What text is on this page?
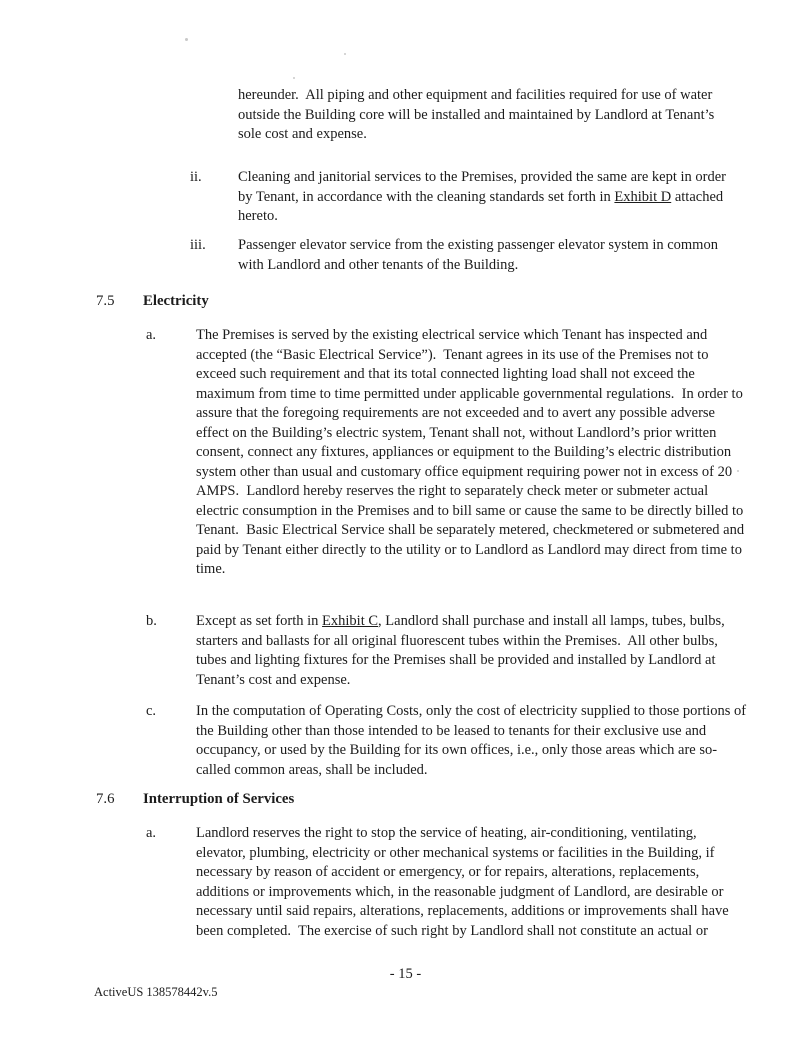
hereunder.  All piping and other equipment and facilities required for use of water outside the Building core will be installed and maintained by Landlord at Tenant’s sole cost and expense.
ii.	Cleaning and janitorial services to the Premises, provided the same are kept in order by Tenant, in accordance with the cleaning standards set forth in Exhibit D attached hereto.
iii.	Passenger elevator service from the existing passenger elevator system in common with Landlord and other tenants of the Building.
7.5 Electricity
a.	The Premises is served by the existing electrical service which Tenant has inspected and accepted (the “Basic Electrical Service”).  Tenant agrees in its use of the Premises not to exceed such requirement and that its total connected lighting load shall not exceed the maximum from time to time permitted under applicable governmental regulations.  In order to assure that the foregoing requirements are not exceeded and to avert any possible adverse effect on the Building’s electric system, Tenant shall not, without Landlord’s prior written consent, connect any fixtures, appliances or equipment to the Building’s electric distribution system other than usual and customary office equipment requiring power not in excess of 20 AMPS.  Landlord hereby reserves the right to separately check meter or submeter actual electric consumption in the Premises and to bill same or cause the same to be directly billed to Tenant.  Basic Electrical Service shall be separately metered, checkmetered or submetered and paid by Tenant either directly to the utility or to Landlord as Landlord may direct from time to time.
b.	Except as set forth in Exhibit C, Landlord shall purchase and install all lamps, tubes, bulbs, starters and ballasts for all original fluorescent tubes within the Premises.  All other bulbs, tubes and lighting fixtures for the Premises shall be provided and installed by Landlord at Tenant’s cost and expense.
c.	In the computation of Operating Costs, only the cost of electricity supplied to those portions of the Building other than those intended to be leased to tenants for their exclusive use and occupancy, or used by the Building for its own offices, i.e., only those areas which are so-called common areas, shall be included.
7.6 Interruption of Services
a.	Landlord reserves the right to stop the service of heating, air-conditioning, ventilating, elevator, plumbing, electricity or other mechanical systems or facilities in the Building, if necessary by reason of accident or emergency, or for repairs, alterations, replacements, additions or improvements which, in the reasonable judgment of Landlord, are desirable or necessary until said repairs, alterations, replacements, additions or improvements shall have been completed.  The exercise of such right by Landlord shall not constitute an actual or
- 15 -
ActiveUS 138578442v.5
